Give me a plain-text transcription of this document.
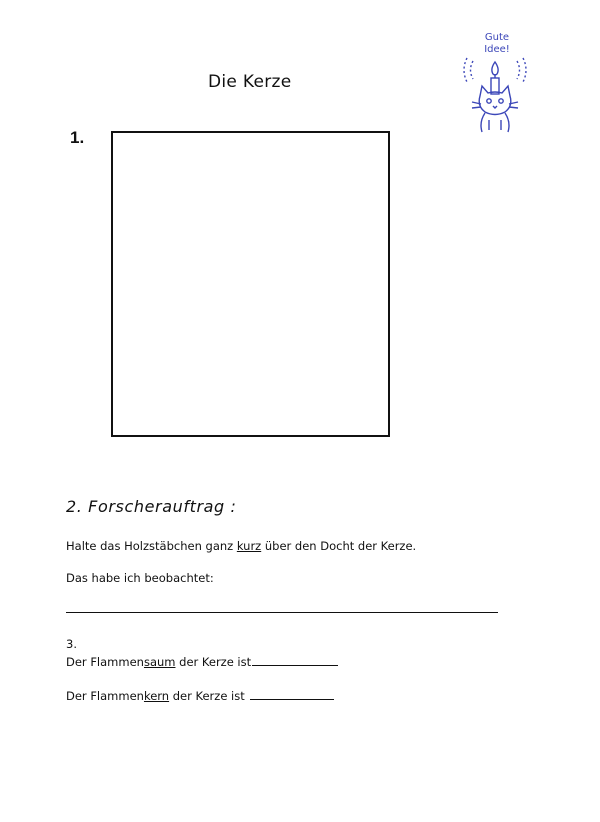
Die Kerze
Gute
Idee!
1.
2. Forscherauftrag :
Halte das Holzstäbchen ganz kurz über den Docht der Kerze.
Das habe ich beobachtet:
3.
Der Flammensaum der Kerze ist
Der Flammenkern der Kerze ist
